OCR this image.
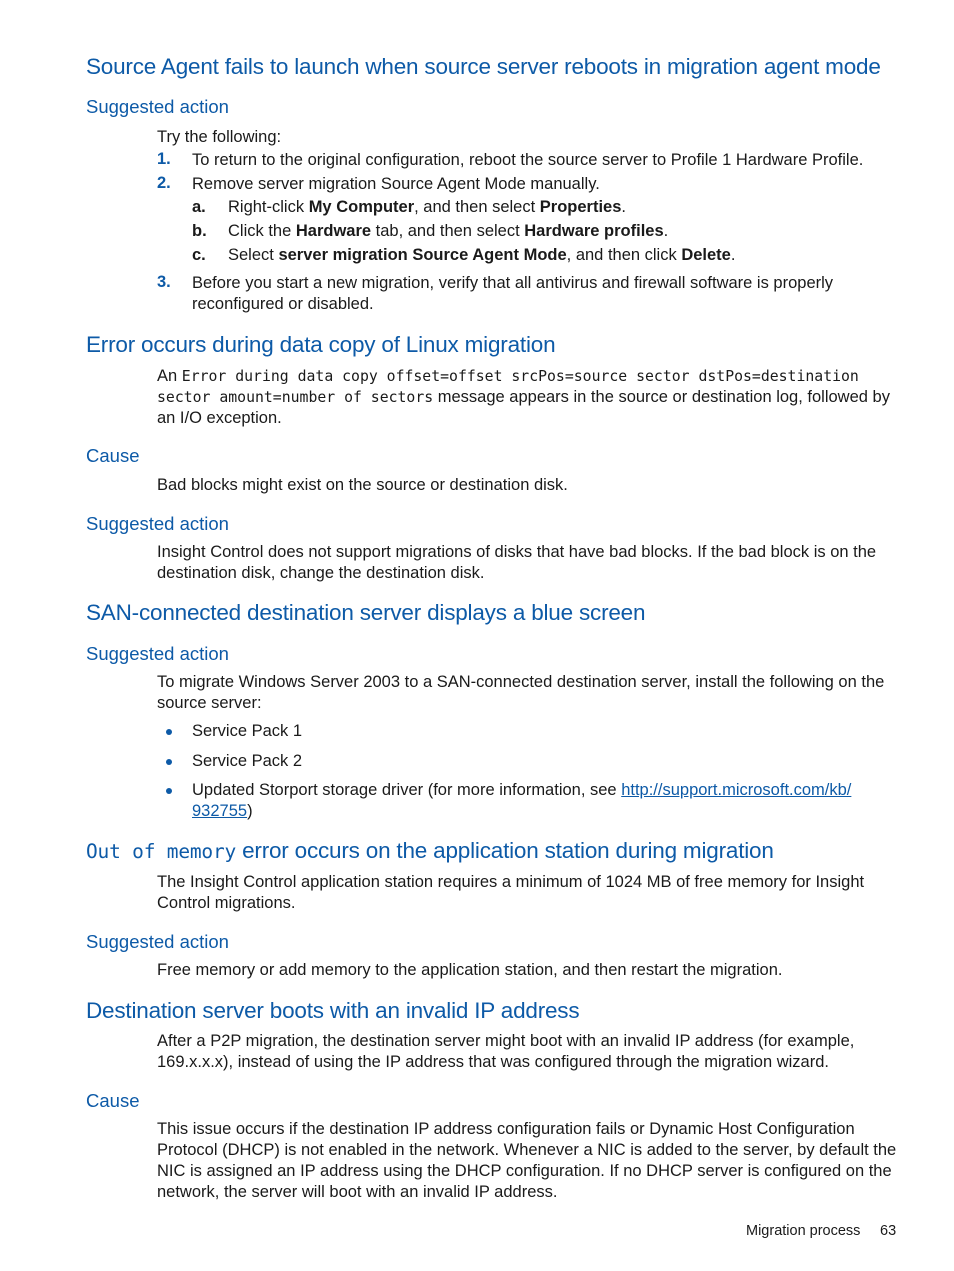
Source Agent fails to launch when source server reboots in migration agent mode
Suggested action

Try the following:

1. To return to the original configuration, reboot the source server to Profile 1 Hardware Profile.
2. Remove server migration Source Agent Mode manually.
a. Right-click My Computer, and then select Properties.
b. Click the Hardware tab, and then select Hardware profiles.
c. Select server migration Source Agent Mode, and then click Delete.
3. Before you start a new migration, verify that all antivirus and firewall software is properly reconfigured or disabled.
Error occurs during data copy of Linux migration

An Error during data copy offset=offset srcPos=source sector dstPos=destination sector amount=number of sectors message appears in the source or destination log, followed by an I/O exception.

Cause

Bad blocks might exist on the source or destination disk.

Suggested action

Insight Control does not support migrations of disks that have bad blocks. If the bad block is on the destination disk, change the destination disk.

SAN-connected destination server displays a blue screen
Suggested action

To migrate Windows Server 2003 to a SAN-connected destination server, install the following on the source server:

Service Pack 1
Service Pack 2
Updated Storport storage driver (for more information, see http://support.microsoft.com/kb/
932755)
Out of memory error occurs on the application station during migration

The Insight Control application station requires a minimum of 1024 MB of free memory for Insight Control migrations.

Suggested action

Free memory or add memory to the application station, and then restart the migration.

Destination server boots with an invalid IP address

After a P2P migration, the destination server might boot with an invalid IP address (for example, 169.x.x.x), instead of using the IP address that was configured through the migration wizard.

Cause

This issue occurs if the destination IP address configuration fails or Dynamic Host Configuration Protocol (DHCP) is not enabled in the network. Whenever a NIC is added to the server, by default the NIC is assigned an IP address using the DHCP configuration. If no DHCP server is configured on the network, the server will boot with an invalid IP address.

Migration process 63
